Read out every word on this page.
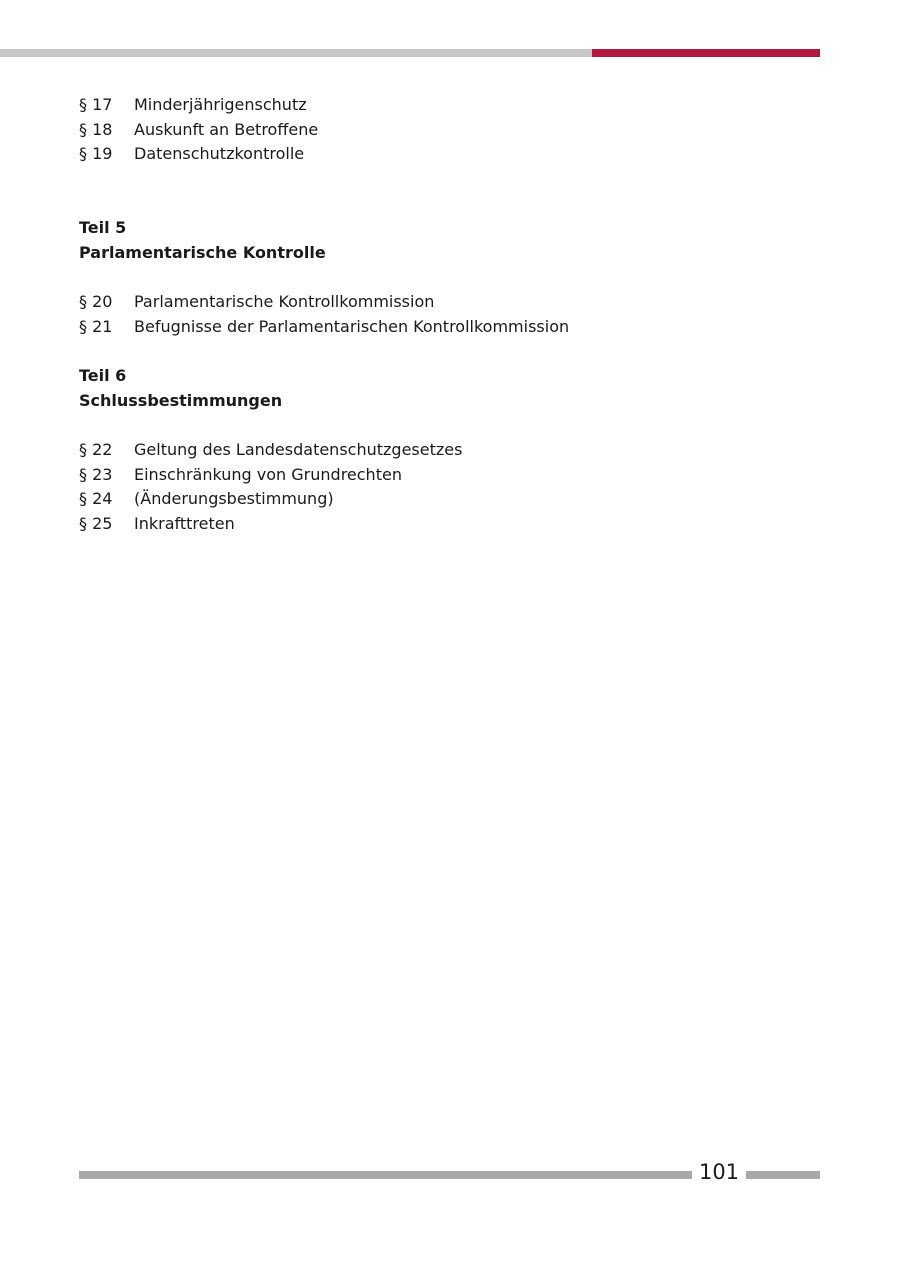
§ 17	Minderjährigenschutz
§ 18	Auskunft an Betroffene
§ 19	Datenschutzkontrolle
Teil 5
Parlamentarische Kontrolle
§ 20	Parlamentarische Kontrollkommission
§ 21	Befugnisse der Parlamentarischen Kontrollkommission
Teil 6
Schlussbestimmungen
§ 22	Geltung des Landesdatenschutzgesetzes
§ 23	Einschränkung von Grundrechten
§ 24	(Änderungsbestimmung)
§ 25	Inkrafttreten
101
